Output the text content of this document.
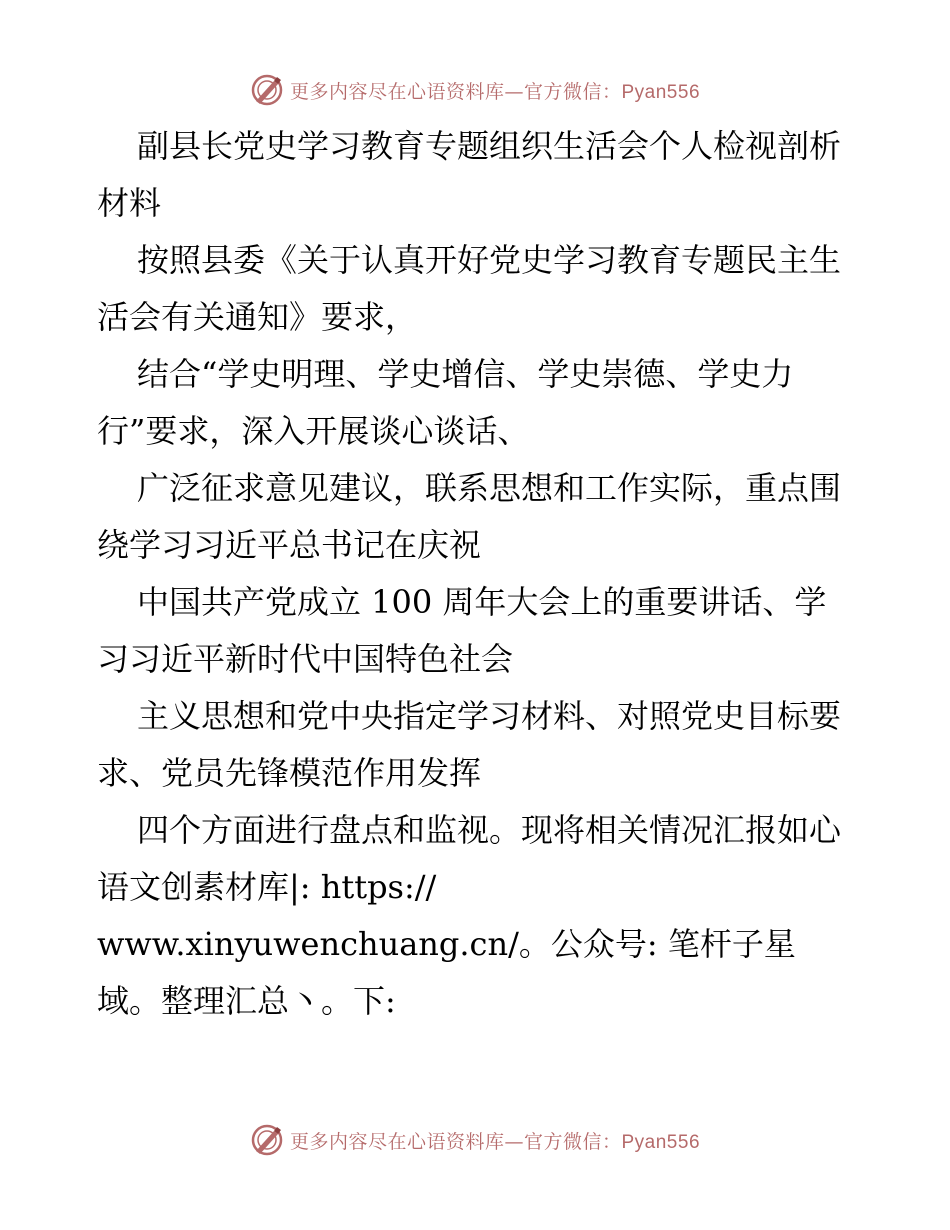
更多内容尽在心语资料库—官方微信：Pyan556

副县长党史学习教育专题组织生活会个人检视剖析材料

按照县委《关于认真开好党史学习教育专题民主生活会有关通知》要求，

结合“学史明理、学史增信、学史崇德、学史力行”要求，深入开展谈心谈话、

广泛征求意见建议，联系思想和工作实际，重点围绕学习习近平总书记在庆祝

中国共产党成立 100 周年大会上的重要讲话、学习习近平新时代中国特色社会

主义思想和党中央指定学习材料、对照党史目标要求、党员先锋模范作用发挥

四个方面进行盘点和监视。现将相关情况汇报如心语文创素材库|: https://

www.xinyuwenchuang.cn/。公众号: 笔杆子星域。整理汇总丶。下:

更多内容尽在心语资料库—官方微信：Pyan556
